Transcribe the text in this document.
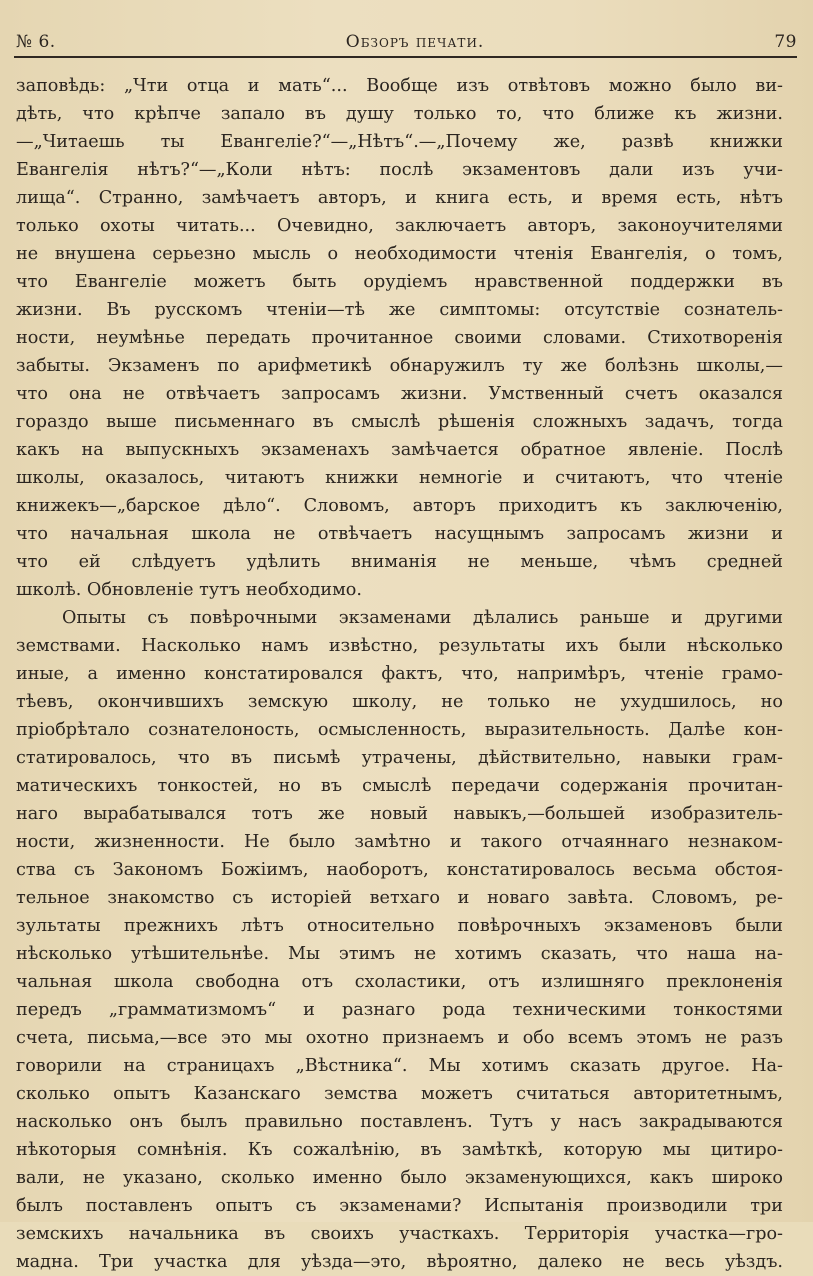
№ 6.	Обзоръ печати.	79
заповѣдь: „Чти отца и мать“... Вообще изъ отвѣтовъ можно было ви-
дѣть, что крѣпче запало въ душу только то, что ближе къ жизни.
—„Читаешь ты Евангеліе?“—„Нѣтъ“.—„Почему же, развѣ книжки
Евангелія нѣтъ?“—„Коли нѣтъ: послѣ экзаментовъ дали изъ учи-
лища“. Странно, замѣчаетъ авторъ, и книга есть, и время есть, нѣтъ
только охоты читать... Очевидно, заключаетъ авторъ, законоучителями
не внушена серьезно мысль о необходимости чтенія Евангелія, о томъ,
что Евангеліе можетъ быть орудіемъ нравственной поддержки въ
жизни. Въ русскомъ чтеніи—тѣ же симптомы: отсутствіе сознатель-
ности, неумѣнье передать прочитанное своими словами. Стихотворенія
забыты. Экзаменъ по арифметикѣ обнаружилъ ту же болѣзнь школы,—
что она не отвѣчаетъ запросамъ жизни. Умственный счетъ оказался
гораздо выше письменнаго въ смыслѣ рѣшенія сложныхъ задачъ, тогда
какъ на выпускныхъ экзаменахъ замѣчается обратное явленіе. Послѣ
школы, оказалось, читаютъ книжки немногіе и считаютъ, что чтеніе
книжекъ—„барское дѣло“. Словомъ, авторъ приходитъ къ заключенію,
что начальная школа не отвѣчаетъ насущнымъ запросамъ жизни и
что ей слѣдуетъ удѣлить вниманія не меньше, чѣмъ средней
школѣ. Обновленіе тутъ необходимо.
Опыты съ повѣрочными экзаменами дѣлались раньше и другими
земствами. Насколько намъ извѣстно, результаты ихъ были нѣсколько
иные, а именно констатировался фактъ, что, напримѣръ, чтеніе грамо-
тѣевъ, окончившихъ земскую школу, не только не ухудшилось, но
пріобрѣтало сознателоность, осмысленность, выразительность. Далѣе кон-
статировалось, что въ письмѣ утрачены, дѣйствительно, навыки грам-
матическихъ тонкостей, но въ смыслѣ передачи содержанія прочитан-
наго вырабатывался тотъ же новый навыкъ,—большей изобразитель-
ности, жизненности. Не было замѣтно и такого отчаяннаго незнаком-
ства съ Закономъ Божіимъ, наоборотъ, констатировалось весьма обстоя-
тельное знакомство съ исторіей ветхаго и новаго завѣта. Словомъ, ре-
зультаты прежнихъ лѣтъ относительно повѣрочныхъ экзаменовъ были
нѣсколько утѣшительнѣе. Мы этимъ не хотимъ сказать, что наша на-
чальная школа свободна отъ схоластики, отъ излишняго преклоненія
передъ „грамматизмомъ“ и разнаго рода техническими тонкостями
счета, письма,—все это мы охотно признаемъ и обо всемъ этомъ не разъ
говорили на страницахъ „Вѣстника“. Мы хотимъ сказать другое. На-
сколько опытъ Казанскаго земства можетъ считаться авторитетнымъ,
насколько онъ былъ правильно поставленъ. Тутъ у насъ закрадываются
нѣкоторыя сомнѣнія. Къ сожалѣнію, въ замѣткѣ, которую мы цитиро-
вали, не указано, сколько именно было экзаменующихся, какъ широко
былъ поставленъ опытъ съ экзаменами? Испытанія производили три
земскихъ начальника въ своихъ участкахъ. Территорія участка—гро-
мадна. Три участка для уѣзда—это, вѣроятно, далеко не весь уѣздъ.
